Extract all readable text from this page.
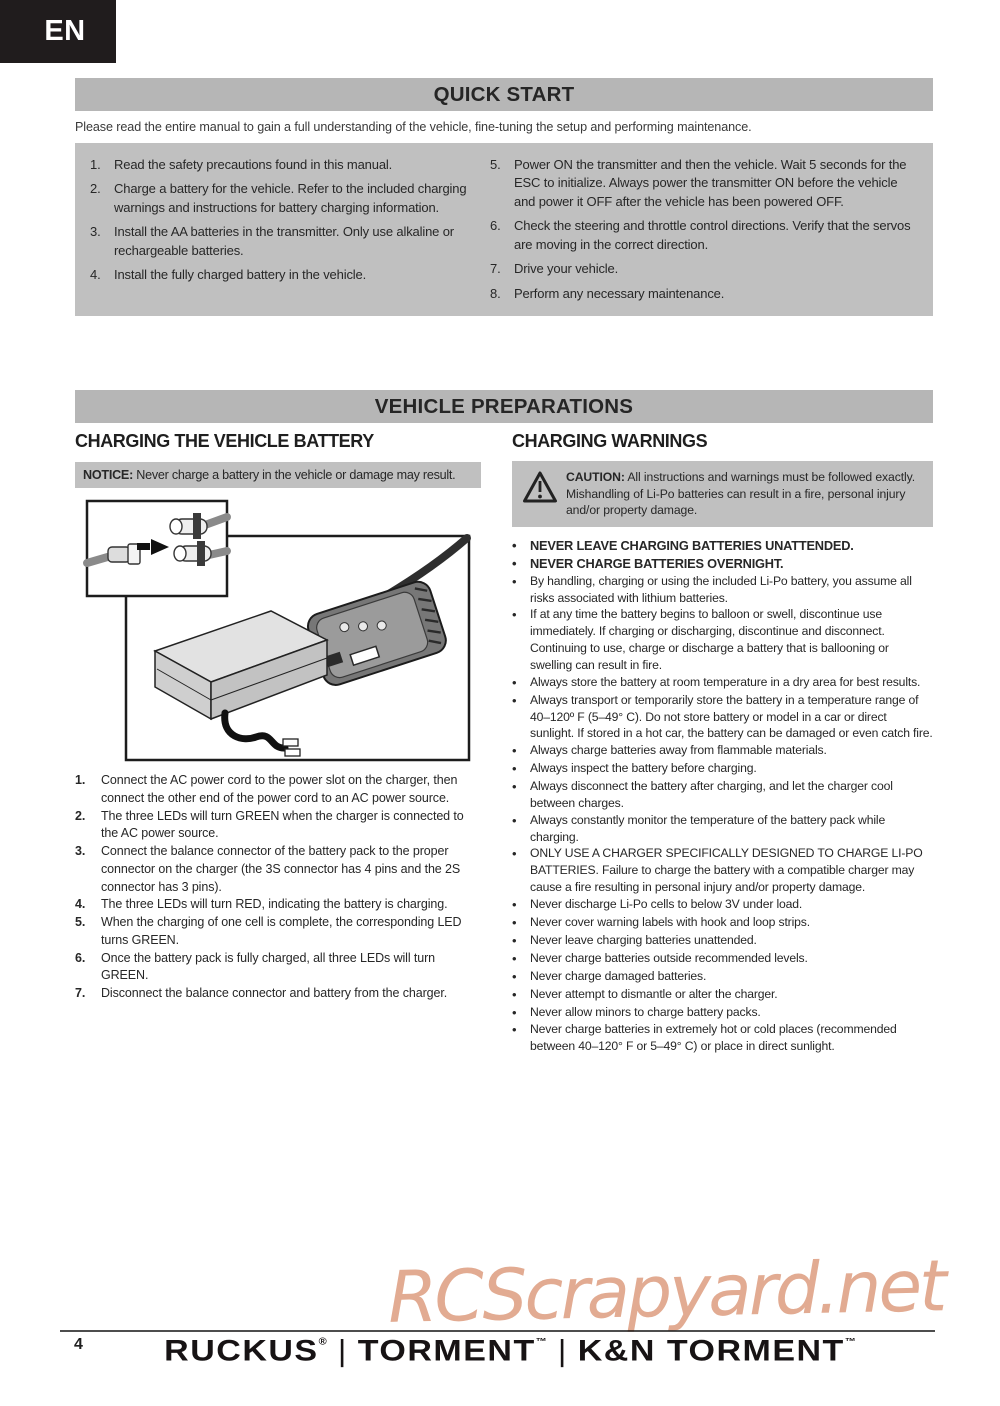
EN
QUICK START
Please read the entire manual to gain a full understanding of the vehicle, fine-tuning the setup and performing maintenance.
1.	Read the safety precautions found in this manual.
2.	Charge a battery for the vehicle. Refer to the included charging warnings and instructions for battery charging information.
3.	Install the AA batteries in the transmitter. Only use alkaline or rechargeable batteries.
4.	Install the fully charged battery in the vehicle.
5.	Power ON the transmitter and then the vehicle. Wait 5 seconds for the ESC to initialize. Always power the transmitter ON before the vehicle and power it OFF after the vehicle has been powered OFF.
6.	Check the steering and throttle control directions. Verify that the servos are moving in the correct direction.
7.	Drive your vehicle.
8.	Perform any necessary maintenance.
VEHICLE PREPARATIONS
CHARGING THE VEHICLE BATTERY
NOTICE: Never charge a battery in the vehicle or damage may result.
1.	Connect the AC power cord to the power slot on the charger, then connect the other end of the power cord to an AC power source.
2.	The three LEDs will turn GREEN when the charger is connected to the AC power source.
3.	Connect the balance connector of the battery pack to the proper connector on the charger (the 3S connector has 4 pins and the 2S connector has 3 pins).
4.	The three LEDs will turn RED, indicating the battery is charging.
5.	When the charging of one cell is complete, the corresponding LED turns GREEN.
6.	Once the battery pack is fully charged, all three LEDs will turn GREEN.
7.	Disconnect the balance connector and battery from the charger.
CHARGING WARNINGS
CAUTION: All instructions and warnings must be followed exactly. Mishandling of Li-Po batteries can result in a fire, personal injury and/or property damage.
• NEVER LEAVE CHARGING BATTERIES UNATTENDED.
• NEVER CHARGE BATTERIES OVERNIGHT.
• By handling, charging or using the included Li-Po battery, you assume all risks associated with lithium batteries.
• If at any time the battery begins to balloon or swell, discontinue use immediately. If charging or discharging, discontinue and disconnect. Continuing to use, charge or discharge a battery that is ballooning or swelling can result in fire.
• Always store the battery at room temperature in a dry area for best results.
• Always transport or temporarily store the battery in a temperature range of 40–120º F (5–49° C). Do not store battery or model in a car or direct sunlight. If stored in a hot car, the battery can be damaged or even catch fire.
• Always charge batteries away from flammable materials.
• Always inspect the battery before charging.
• Always disconnect the battery after charging, and let the charger cool between charges.
• Always constantly monitor the temperature of the battery pack while charging.
• ONLY USE A CHARGER SPECIFICALLY DESIGNED TO CHARGE LI-PO BATTERIES. Failure to charge the battery with a compatible charger may cause a fire resulting in personal injury and/or property damage.
• Never discharge Li-Po cells to below 3V under load.
• Never cover warning labels with hook and loop strips.
• Never leave charging batteries unattended.
• Never charge batteries outside recommended levels.
• Never charge damaged batteries.
• Never attempt to dismantle or alter the charger.
• Never allow minors to charge battery packs.
• Never charge batteries in extremely hot or cold places (recommended between 40–120° F or 5–49° C) or place in direct sunlight.
RCScrapyard.net
4	RUCKUS® | TORMENT™ | K&N TORMENT™
